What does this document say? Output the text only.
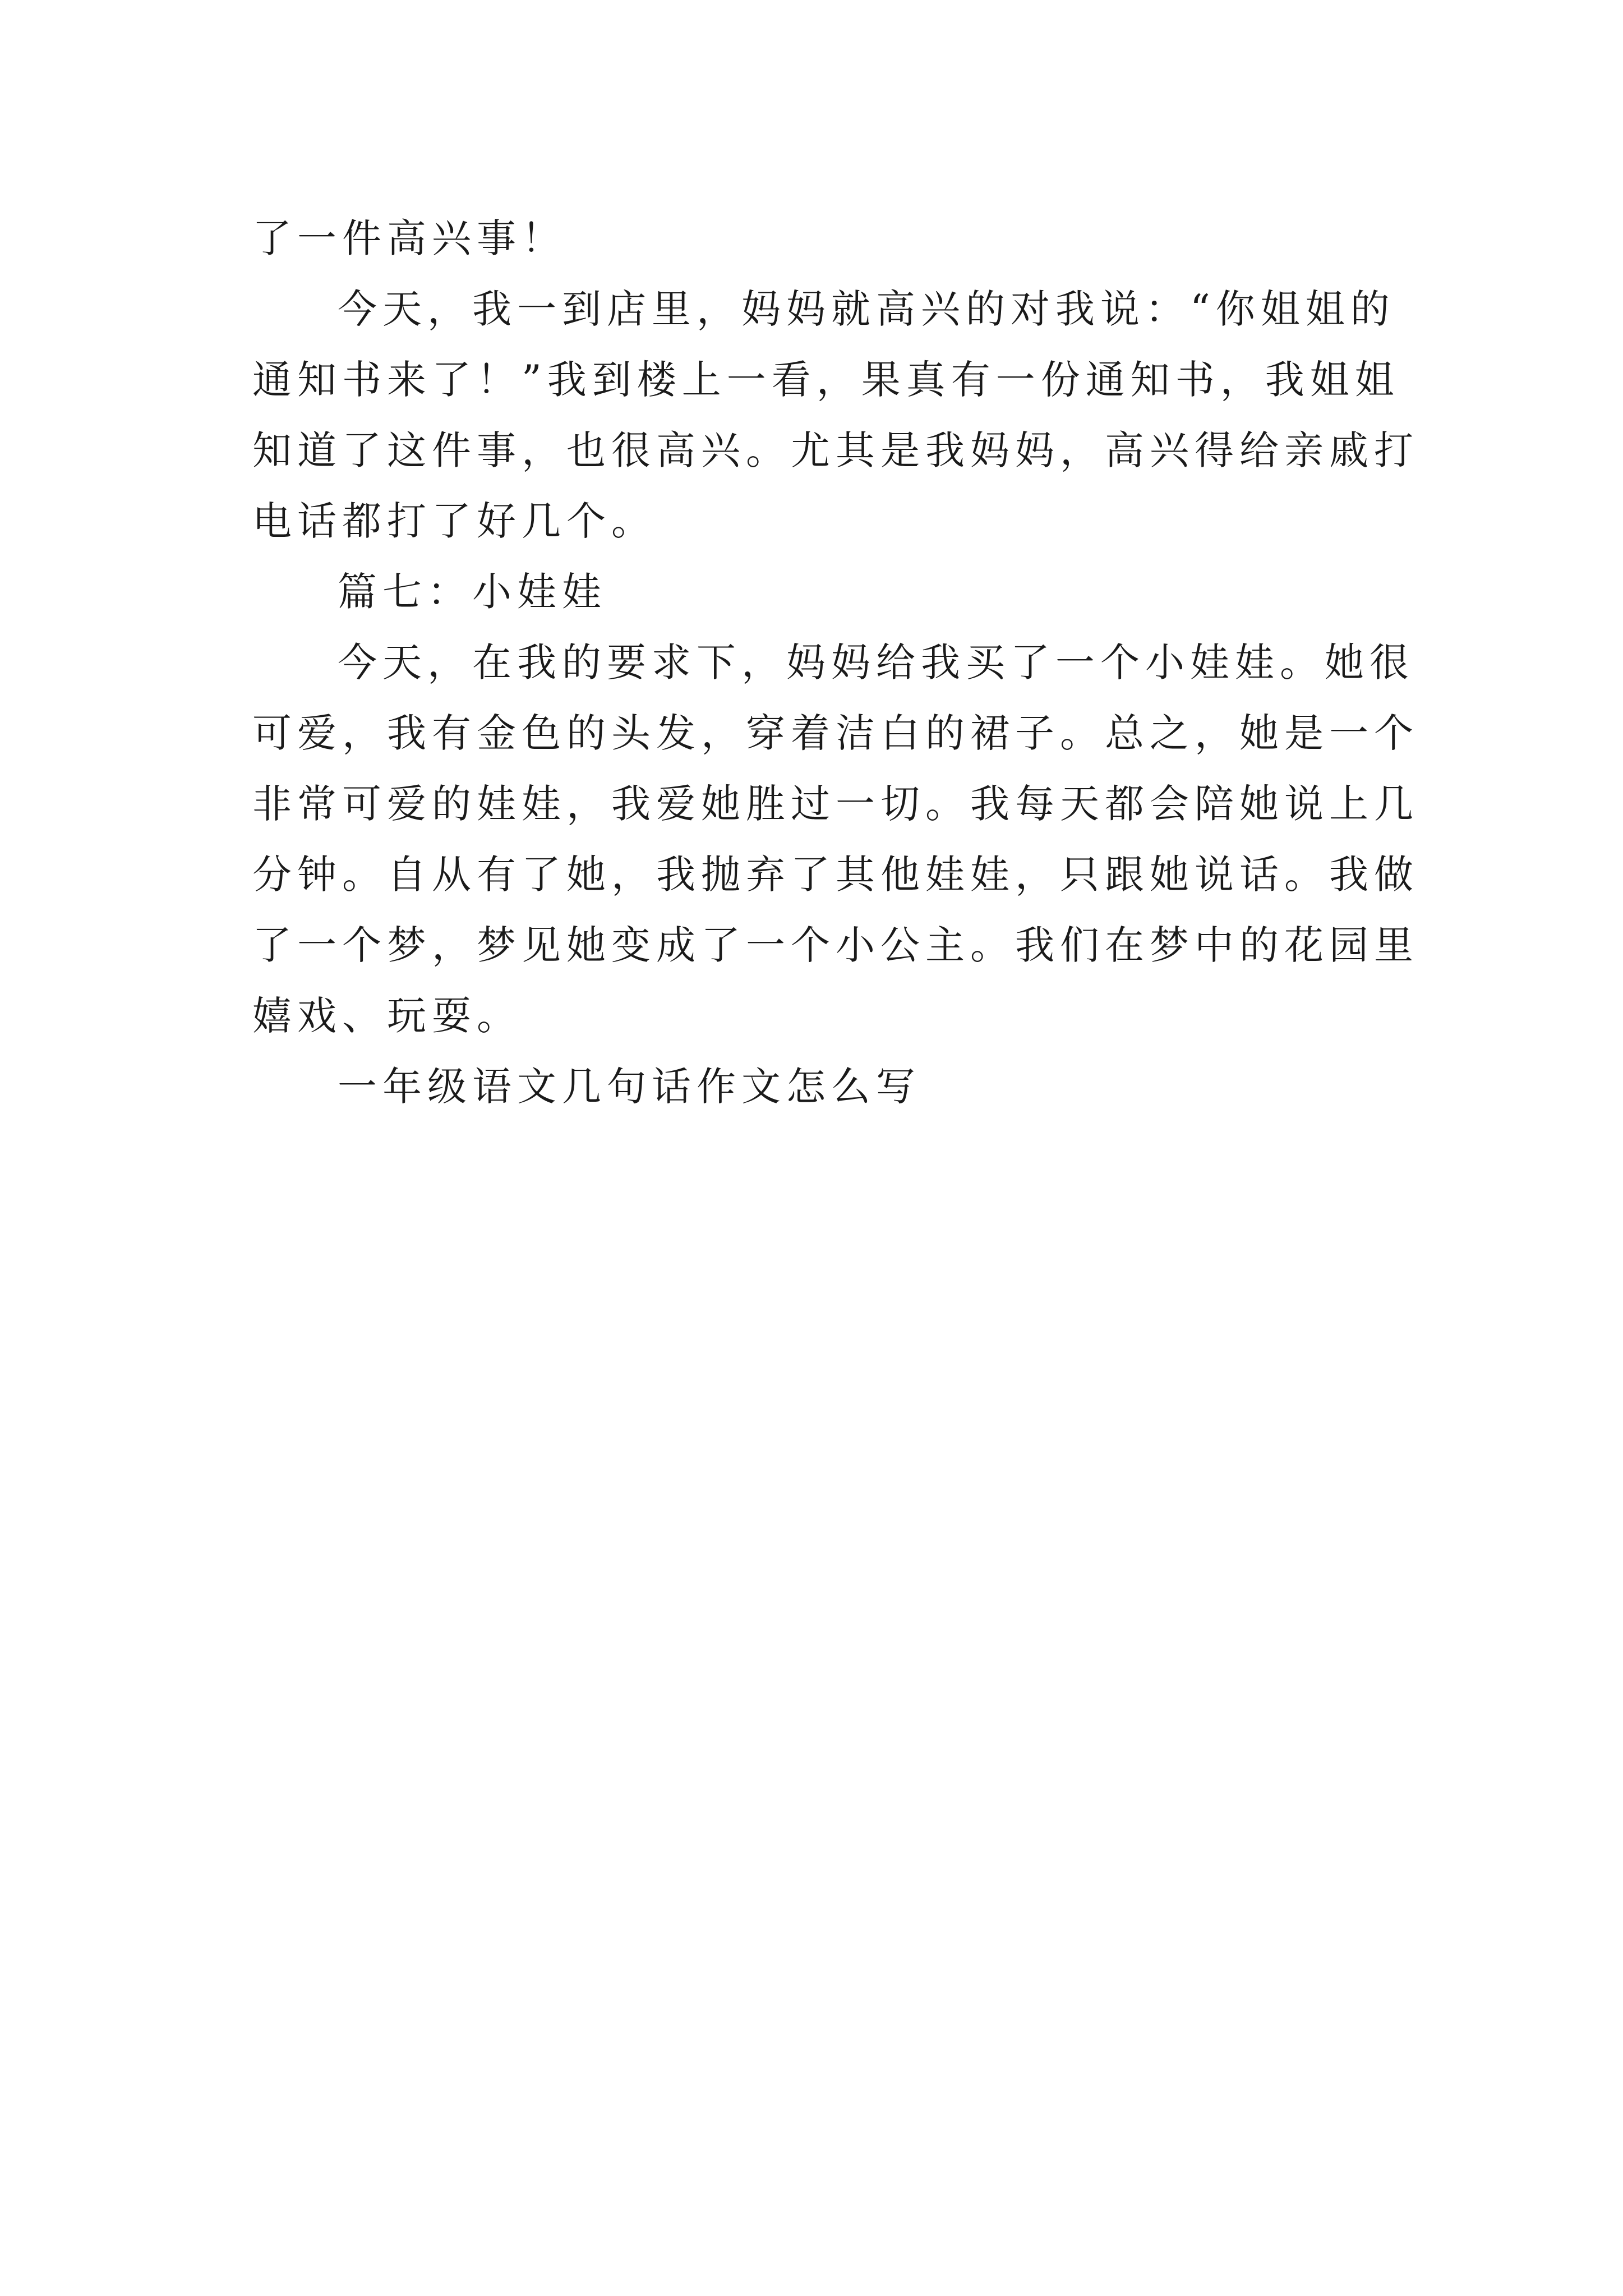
了一件高兴事！
今天，我一到店里，妈妈就高兴的对我说：“你姐姐的
通知书来了！”我到楼上一看，果真有一份通知书，我姐姐
知道了这件事，也很高兴。尤其是我妈妈，高兴得给亲戚打
电话都打了好几个。
篇七：小娃娃
今天，在我的要求下，妈妈给我买了一个小娃娃。她很
可爱，我有金色的头发，穿着洁白的裙子。总之，她是一个
非常可爱的娃娃，我爱她胜过一切。我每天都会陪她说上几
分钟。自从有了她，我抛弃了其他娃娃，只跟她说话。我做
了一个梦，梦见她变成了一个小公主。我们在梦中的花园里
嬉戏、玩耍。
一年级语文几句话作文怎么写
